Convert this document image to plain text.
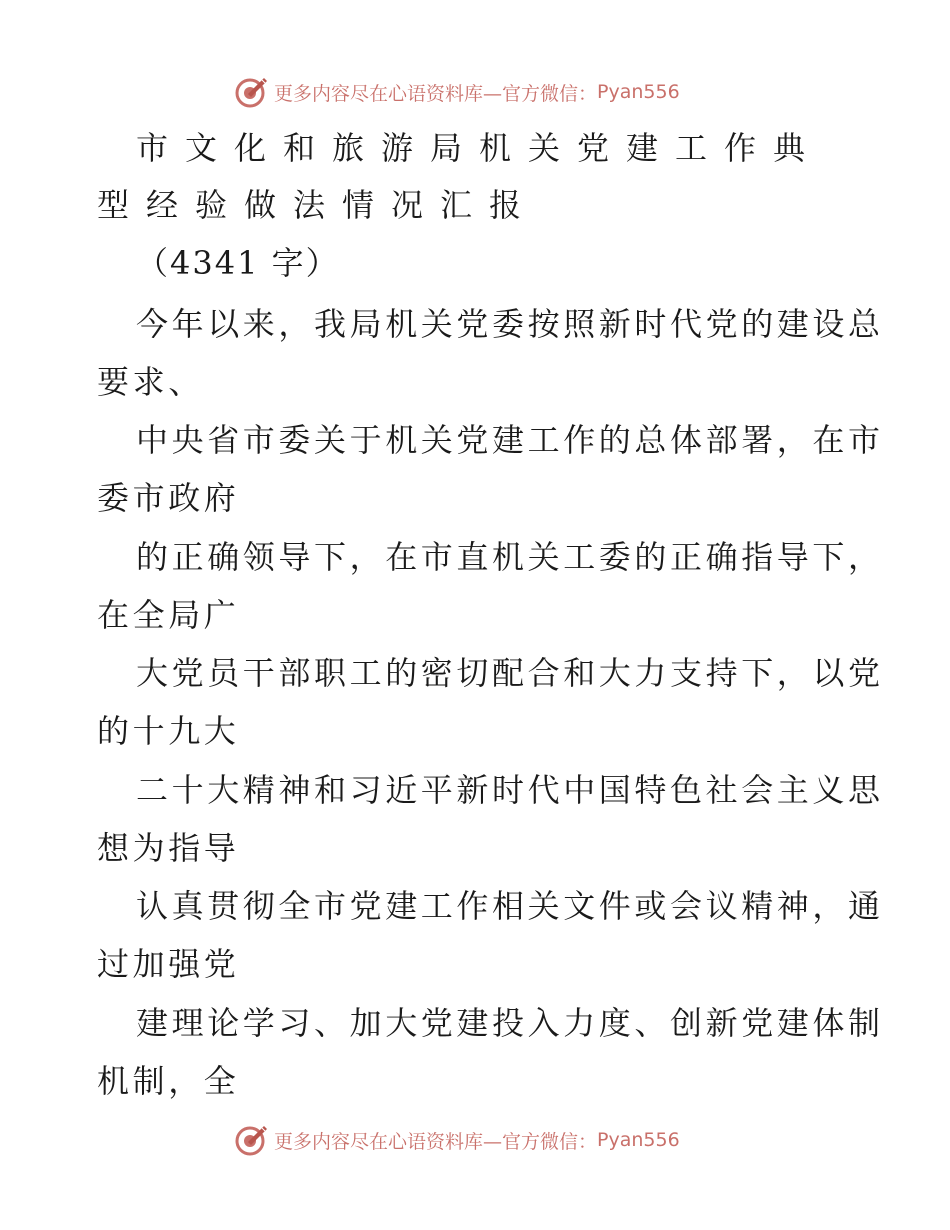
更多内容尽在心语资料库—官方微信： Pyan556
市文化和旅游局机关党建工作典
型经验做法情况汇报
（4341 字）
今年以来，我局机关党委按照新时代党的建设总
要求、
中央省市委关于机关党建工作的总体部署，在市
委市政府
的正确领导下，在市直机关工委的正确指导下，
在全局广
大党员干部职工的密切配合和大力支持下，以党
的十九大
二十大精神和习近平新时代中国特色社会主义思
想为指导
认真贯彻全市党建工作相关文件或会议精神，通
过加强党
建理论学习、加大党建投入力度、创新党建体制
机制，全
更多内容尽在心语资料库—官方微信： Pyan556
